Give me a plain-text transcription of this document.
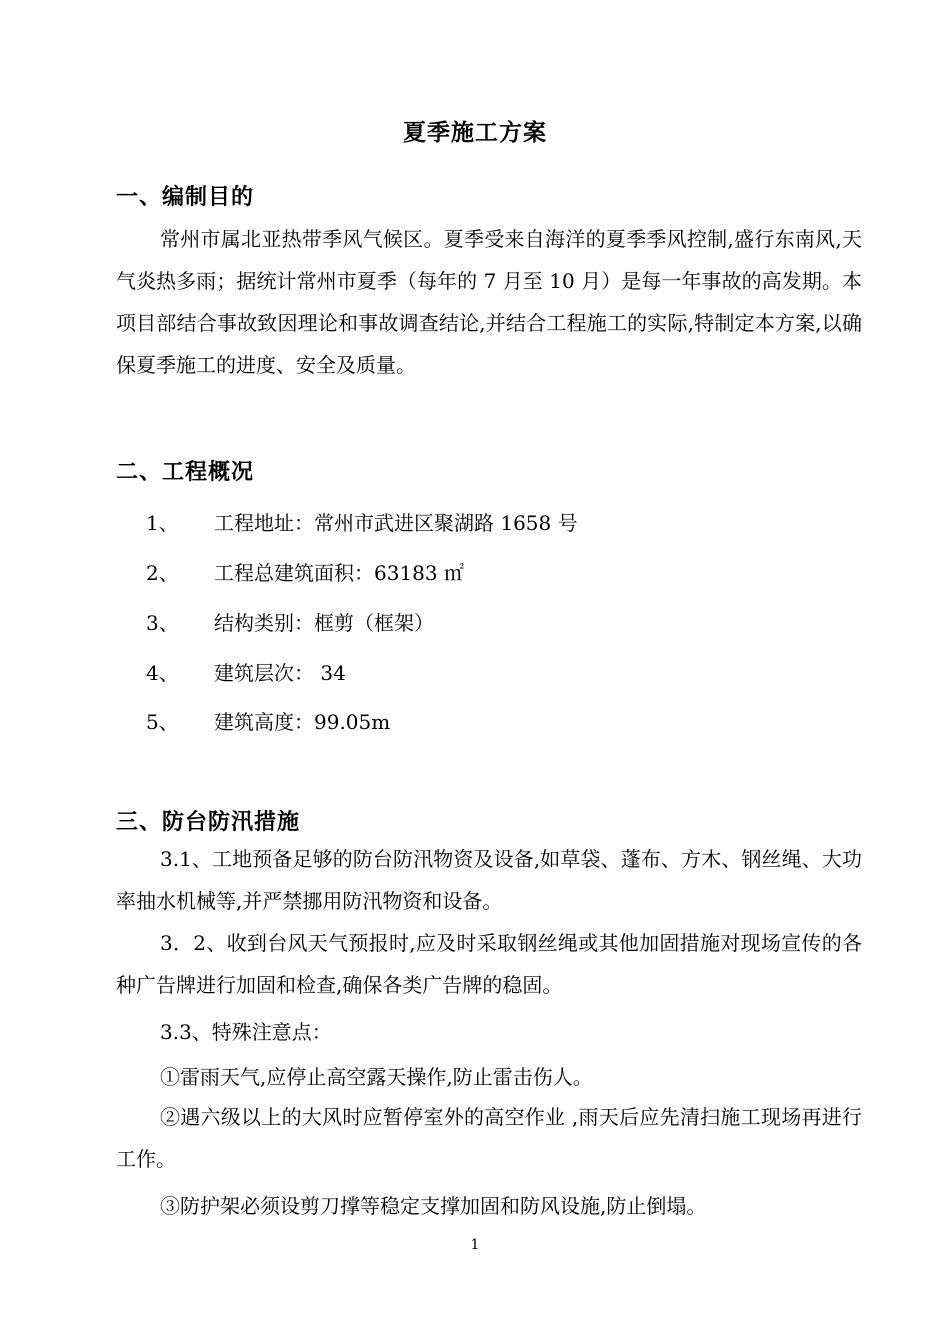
夏季施工方案
一、编制目的

常州市属北亚热带季风气候区。夏季受来自海洋的夏季季风控制,盛行东南风,天气炎热多雨；据统计常州市夏季（每年的 7 月至 10 月）是每一年事故的高发期。本项目部结合事故致因理论和事故调查结论,并结合工程施工的实际,特制定本方案,以确保夏季施工的进度、安全及质量。

二、工程概况
1、 工程地址：常州市武进区聚湖路 1658 号
2、 工程总建筑面积：63183 ㎡
3、 结构类别：框剪（框架）
4、 建筑层次： 34
5、 建筑高度：99.05m
三、防台防汛措施

3.1、工地预备足够的防台防汛物资及设备,如草袋、蓬布、方木、钢丝绳、大功率抽水机械等,并严禁挪用防汛物资和设备。

3．2、收到台风天气预报时,应及时采取钢丝绳或其他加固措施对现场宣传的各种广告牌进行加固和检查,确保各类广告牌的稳固。

3.3、特殊注意点：
①雷雨天气,应停止高空露天操作,防止雷击伤人。

②遇六级以上的大风时应暂停室外的高空作业 ,雨天后应先清扫施工现场再进行工作。

③防护架必须设剪刀撑等稳定支撑加固和防风设施,防止倒塌。
1
